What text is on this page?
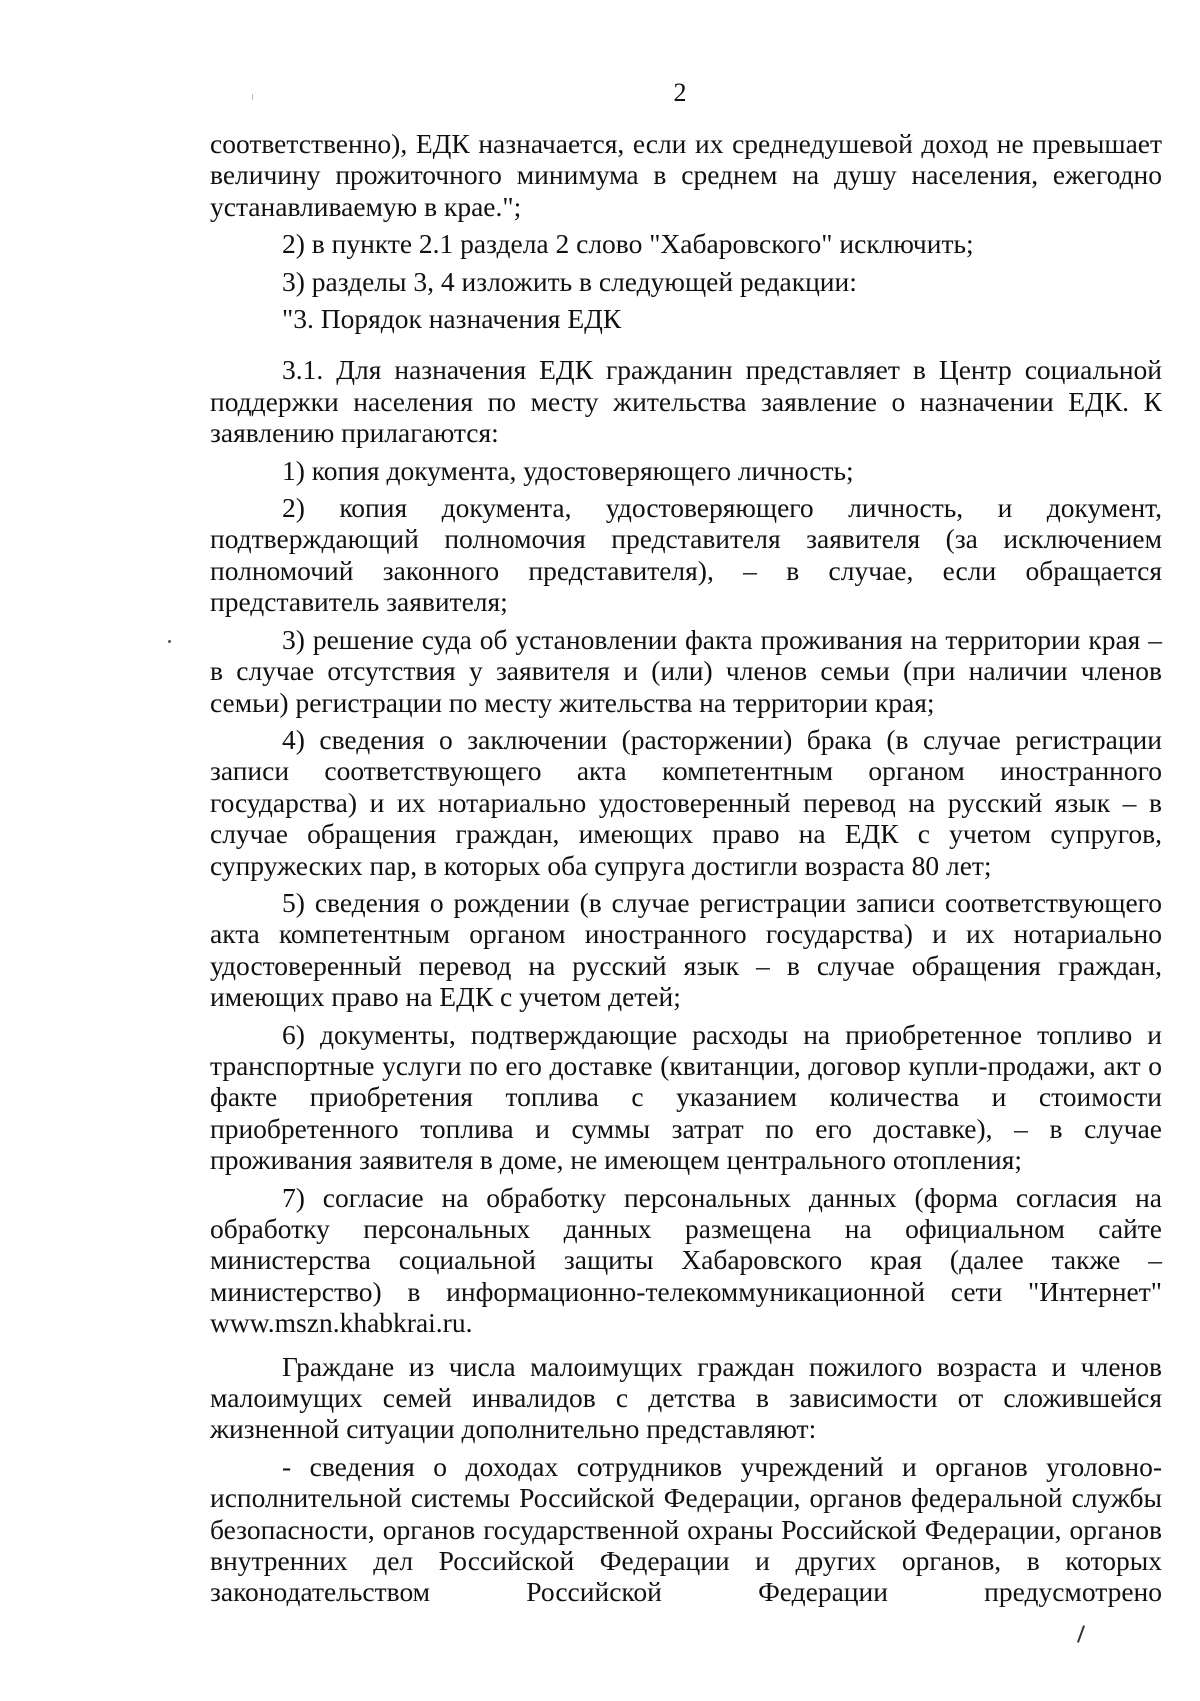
2

соответственно), ЕДК назначается, если их среднедушевой доход не превышает величину прожиточного минимума в среднем на душу населения, ежегодно устанавливаемую в крае.";

2) в пункте 2.1 раздела 2 слово "Хабаровского" исключить;

3) разделы 3, 4 изложить в следующей редакции:

"3. Порядок назначения ЕДК

3.1. Для назначения ЕДК гражданин представляет в Центр социальной поддержки населения по месту жительства заявление о назначении ЕДК. К заявлению прилагаются:

1) копия документа, удостоверяющего личность;

2) копия документа, удостоверяющего личность, и документ, подтверждающий полномочия представителя заявителя (за исключением полномочий законного представителя), – в случае, если обращается представитель заявителя;

3) решение суда об установлении факта проживания на территории края – в случае отсутствия у заявителя и (или) членов семьи (при наличии членов семьи) регистрации по месту жительства на территории края;

4) сведения о заключении (расторжении) брака (в случае регистрации записи соответствующего акта компетентным органом иностранного государства) и их нотариально удостоверенный перевод на русский язык – в случае обращения граждан, имеющих право на ЕДК с учетом супругов, супружеских пар, в которых оба супруга достигли возраста 80 лет;

5) сведения о рождении (в случае регистрации записи соответствующего акта компетентным органом иностранного государства) и их нотариально удостоверенный перевод на русский язык – в случае обращения граждан, имеющих право на ЕДК с учетом детей;

6) документы, подтверждающие расходы на приобретенное топливо и транспортные услуги по его доставке (квитанции, договор купли-продажи, акт о факте приобретения топлива с указанием количества и стоимости приобретенного топлива и суммы затрат по его доставке), – в случае проживания заявителя в доме, не имеющем центрального отопления;

7) согласие на обработку персональных данных (форма согласия на обработку персональных данных размещена на официальном сайте министерства социальной защиты Хабаровского края (далее также – министерство) в информационно-телекоммуникационной сети "Интернет" www.mszn.khabkrai.ru.

Граждане из числа малоимущих граждан пожилого возраста и членов малоимущих семей инвалидов с детства в зависимости от сложившейся жизненной ситуации дополнительно представляют:

- сведения о доходах сотрудников учреждений и органов уголовно-исполнительной системы Российской Федерации, органов федеральной службы безопасности, органов государственной охраны Российской Федерации, органов внутренних дел Российской Федерации и других органов, в которых законодательством Российской Федерации предусмотрено
